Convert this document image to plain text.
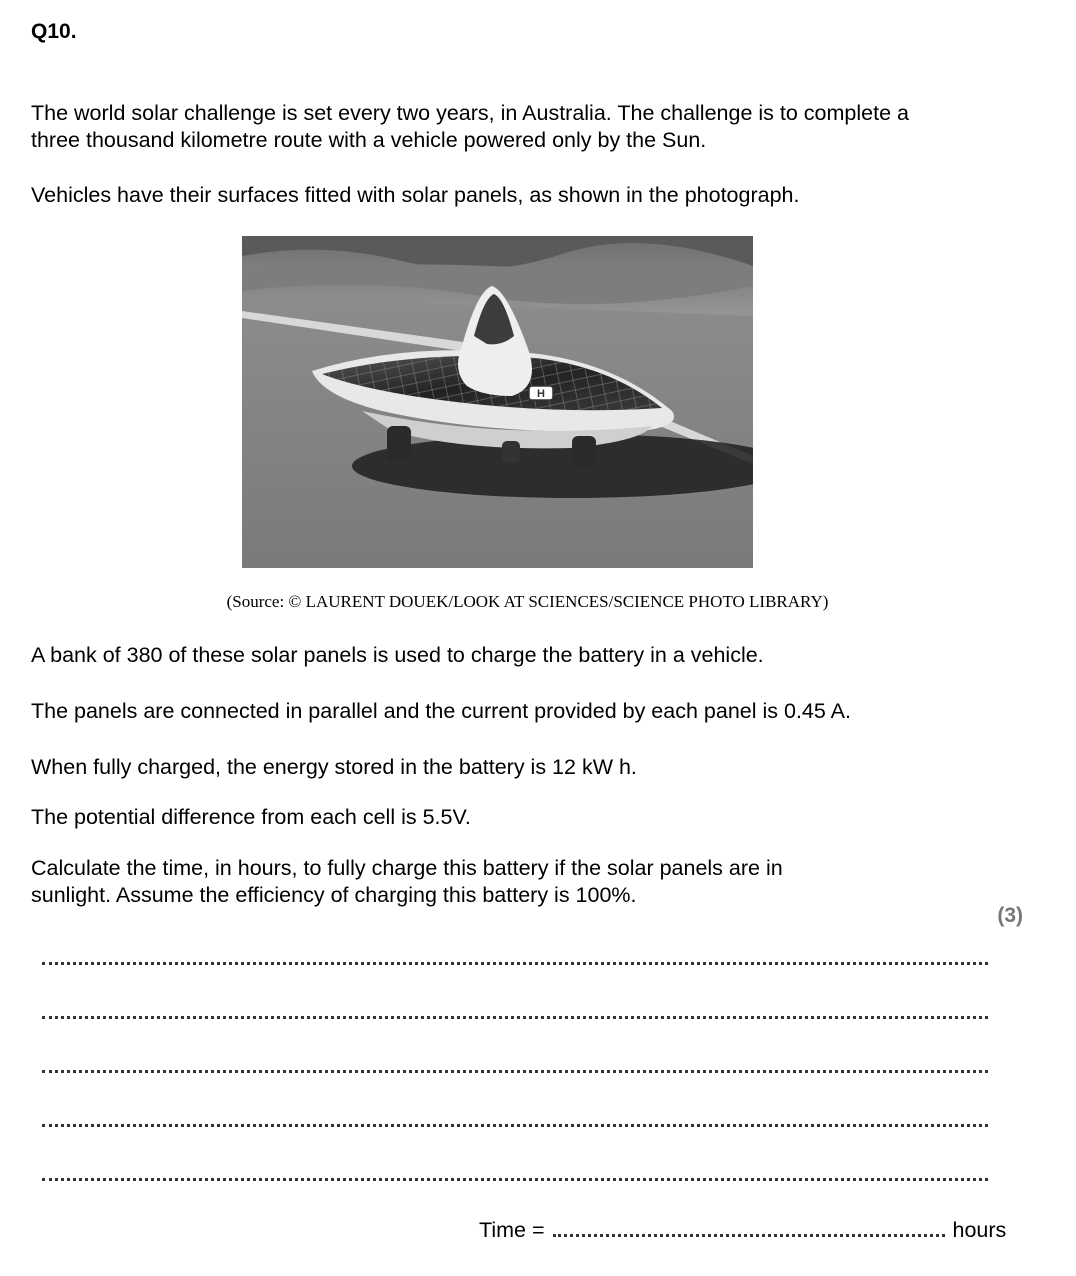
Q10.
The world solar challenge is set every two years, in Australia. The challenge is to complete a
three thousand kilometre route with a vehicle powered only by the Sun.
Vehicles have their surfaces fitted with solar panels, as shown in the photograph.
H
(Source: © LAURENT DOUEK/LOOK AT SCIENCES/SCIENCE PHOTO LIBRARY)
A bank of 380 of these solar panels is used to charge the battery in a vehicle.
The panels are connected in parallel and the current provided by each panel is 0.45 A.
When fully charged, the energy stored in the battery is 12 kW h.
The potential difference from each cell is 5.5V.
Calculate the time, in hours, to fully charge this battery if the solar panels are in
sunlight. Assume the efficiency of charging this battery is 100%.
(3)
Time =	hours
